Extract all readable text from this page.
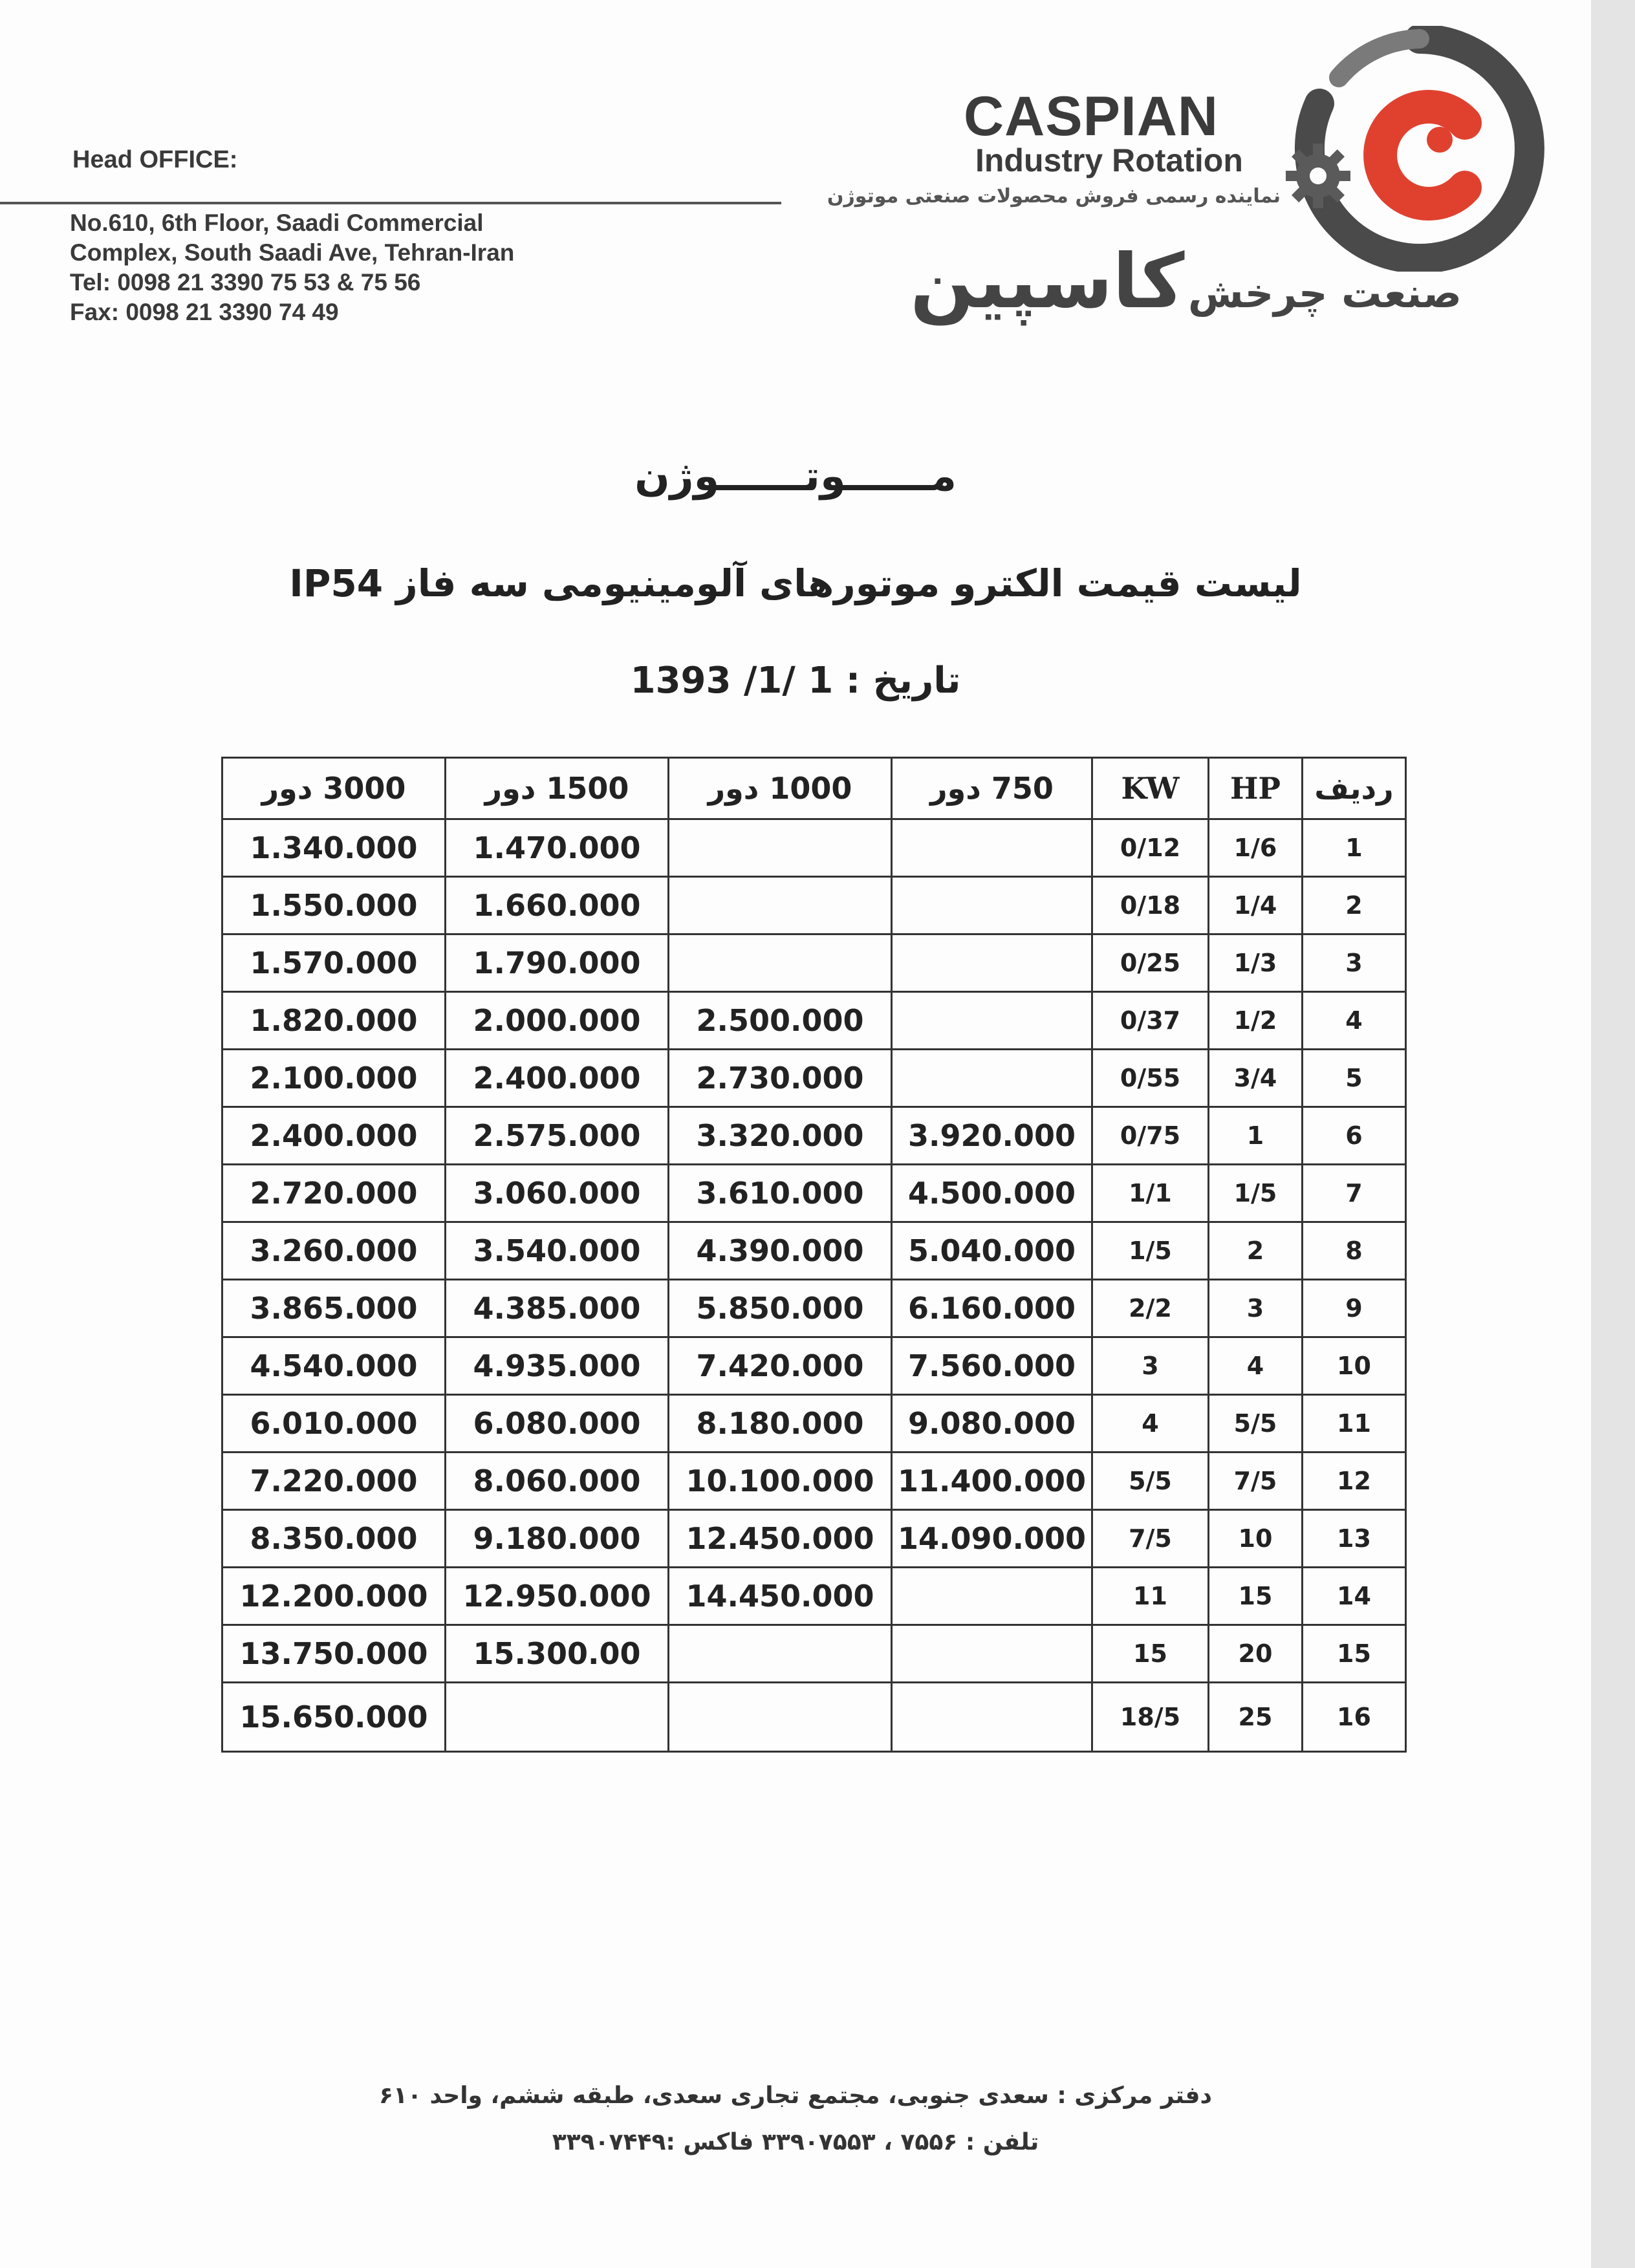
Head OFFICE:
No.610, 6th Floor, Saadi Commercial
Complex, South Saadi Ave, Tehran-Iran
Tel: 0098 21 3390 75 53 & 75 56
Fax: 0098 21 3390 74 49
CASPIAN
Industry Rotation
نماینده رسمی فروش محصولات صنعتی موتوژن
صنعت چرخش کاسپین
مــــــوتــــــوژن
لیست قیمت الکترو موتورهای آلومینیومی سه فاز IP54
تاریخ : 1 /1/ 1393
3000 دور	1500 دور	1000 دور	750 دور	KW	HP	ردیف
1.340.000	1.470.000			0/12	1/6	1
1.550.000	1.660.000			0/18	1/4	2
1.570.000	1.790.000			0/25	1/3	3
1.820.000	2.000.000	2.500.000		0/37	1/2	4
2.100.000	2.400.000	2.730.000		0/55	3/4	5
2.400.000	2.575.000	3.320.000	3.920.000	0/75	1	6
2.720.000	3.060.000	3.610.000	4.500.000	1/1	1/5	7
3.260.000	3.540.000	4.390.000	5.040.000	1/5	2	8
3.865.000	4.385.000	5.850.000	6.160.000	2/2	3	9
4.540.000	4.935.000	7.420.000	7.560.000	3	4	10
6.010.000	6.080.000	8.180.000	9.080.000	4	5/5	11
7.220.000	8.060.000	10.100.000	11.400.000	5/5	7/5	12
8.350.000	9.180.000	12.450.000	14.090.000	7/5	10	13
12.200.000	12.950.000	14.450.000		11	15	14
13.750.000	15.300.00			15	20	15
15.650.000				18/5	25	16
دفتر مرکزی : سعدی جنوبی، مجتمع تجاری سعدی، طبقه ششم، واحد ۶۱۰
تلفن : ۷۵۵۶ ، ۳۳۹۰۷۵۵۳ فاکس :۳۳۹۰۷۴۴۹
